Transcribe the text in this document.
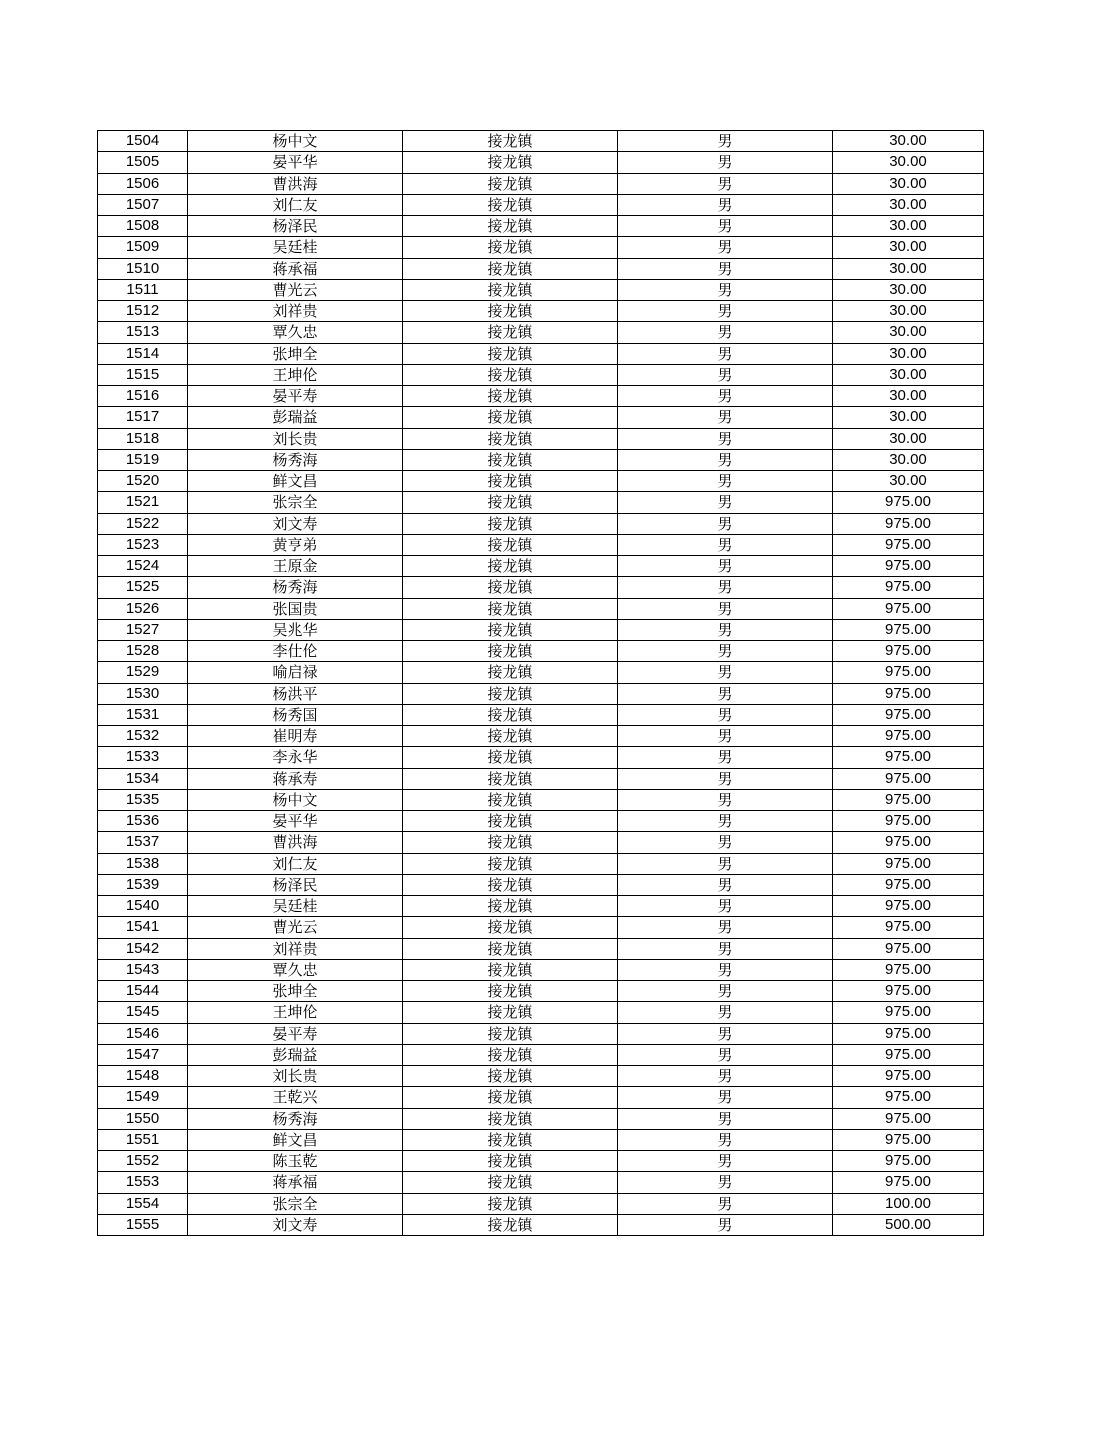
1504	杨中文	接龙镇	男	30.00
1505	晏平华	接龙镇	男	30.00
1506	曹洪海	接龙镇	男	30.00
1507	刘仁友	接龙镇	男	30.00
1508	杨泽民	接龙镇	男	30.00
1509	吴廷桂	接龙镇	男	30.00
1510	蒋承福	接龙镇	男	30.00
1511	曹光云	接龙镇	男	30.00
1512	刘祥贵	接龙镇	男	30.00
1513	覃久忠	接龙镇	男	30.00
1514	张坤全	接龙镇	男	30.00
1515	王坤伦	接龙镇	男	30.00
1516	晏平寿	接龙镇	男	30.00
1517	彭瑞益	接龙镇	男	30.00
1518	刘长贵	接龙镇	男	30.00
1519	杨秀海	接龙镇	男	30.00
1520	鲜文昌	接龙镇	男	30.00
1521	张宗全	接龙镇	男	975.00
1522	刘文寿	接龙镇	男	975.00
1523	黄亨弟	接龙镇	男	975.00
1524	王原金	接龙镇	男	975.00
1525	杨秀海	接龙镇	男	975.00
1526	张国贵	接龙镇	男	975.00
1527	吴兆华	接龙镇	男	975.00
1528	李仕伦	接龙镇	男	975.00
1529	喻启禄	接龙镇	男	975.00
1530	杨洪平	接龙镇	男	975.00
1531	杨秀国	接龙镇	男	975.00
1532	崔明寿	接龙镇	男	975.00
1533	李永华	接龙镇	男	975.00
1534	蒋承寿	接龙镇	男	975.00
1535	杨中文	接龙镇	男	975.00
1536	晏平华	接龙镇	男	975.00
1537	曹洪海	接龙镇	男	975.00
1538	刘仁友	接龙镇	男	975.00
1539	杨泽民	接龙镇	男	975.00
1540	吴廷桂	接龙镇	男	975.00
1541	曹光云	接龙镇	男	975.00
1542	刘祥贵	接龙镇	男	975.00
1543	覃久忠	接龙镇	男	975.00
1544	张坤全	接龙镇	男	975.00
1545	王坤伦	接龙镇	男	975.00
1546	晏平寿	接龙镇	男	975.00
1547	彭瑞益	接龙镇	男	975.00
1548	刘长贵	接龙镇	男	975.00
1549	王乾兴	接龙镇	男	975.00
1550	杨秀海	接龙镇	男	975.00
1551	鲜文昌	接龙镇	男	975.00
1552	陈玉乾	接龙镇	男	975.00
1553	蒋承福	接龙镇	男	975.00
1554	张宗全	接龙镇	男	100.00
1555	刘文寿	接龙镇	男	500.00
